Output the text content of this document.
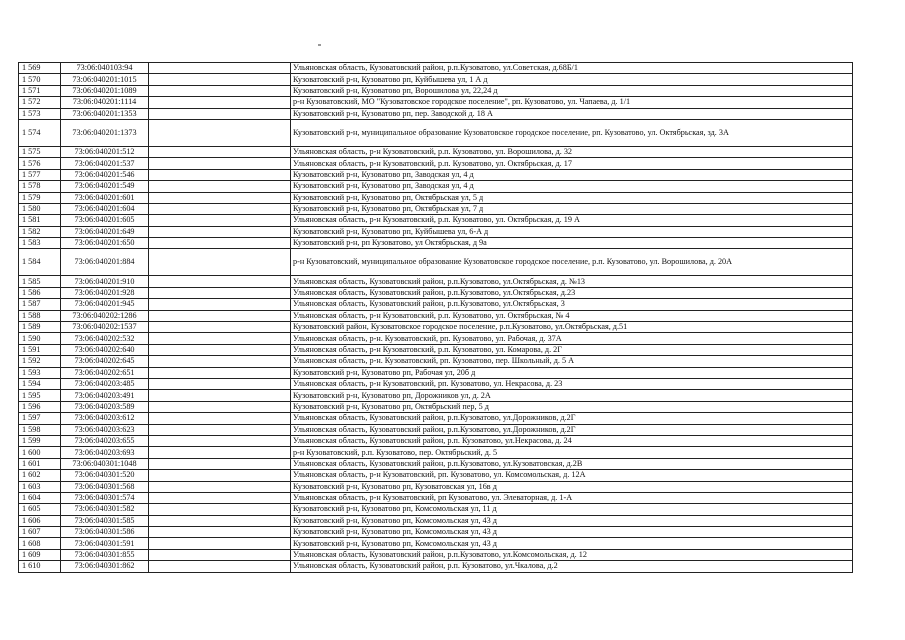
1 569	73:06:040103:94		Ульяновская область, Кузоватовский район, р.п.Кузоватово, ул.Советская, д.68Б/1
1 570	73:06:040201:1015		Кузоватовский р-н, Кузоватово рп, Куйбышева ул, 1 А д
1 571	73:06:040201:1089		Кузоватовский р-н, Кузоватово рп, Ворошилова ул, 22,24 д
1 572	73:06:040201:1114		р-н Кузоватовский, МО "Кузоватовское городское поселение", рп. Кузоватово, ул. Чапаева, д. 1/1
1 573	73:06:040201:1353		Кузоватовский р-н, Кузоватово рп, пер. Заводской д. 18 А
1 574	73:06:040201:1373		Кузоватовский р-н, муниципальное образование Кузоватовское городское поселение, рп. Кузоватово, ул. Октябрьская, зд. 3А
1 575	73:06:040201:512		Ульяновская область, р-н Кузоватовский, р.п. Кузоватово, ул. Ворошилова, д. 32
1 576	73:06:040201:537		Ульяновская область, р-н Кузоватовский, р.п. Кузоватово, ул. Октябрьская, д. 17
1 577	73:06:040201:546		Кузоватовский р-н, Кузоватово рп, Заводская ул, 4 д
1 578	73:06:040201:549		Кузоватовский р-н, Кузоватово рп, Заводская ул, 4 д
1 579	73:06:040201:601		Кузоватовский р-н, Кузоватово рп, Октябрьская ул, 5 д
1 580	73:06:040201:604		Кузоватовский р-н, Кузоватово рп, Октябрьская ул, 7 д
1 581	73:06:040201:605		Ульяновская область, р-н Кузоватовский, р.п. Кузоватово, ул. Октябрьская, д. 19 А
1 582	73:06:040201:649		Кузоватовский р-н, Кузоватово рп, Куйбышева ул, 6-А д
1 583	73:06:040201:650		Кузоватовский р-н, рп Кузоватово, ул Октябрьская, д 9а
1 584	73:06:040201:884		р-н Кузоватовский, муниципальное образование Кузоватовское городское поселение, р.п. Кузоватово, ул. Ворошилова, д. 20А
1 585	73:06:040201:910		Ульяновская область, Кузоватовский район, р.п.Кузоватово, ул.Октябрьская, д. №13
1 586	73:06:040201:928		Ульяновская область, Кузоватовский район, р.п.Кузоватово, ул.Октябрьская, д.23
1 587	73:06:040201:945		Ульяновская область, Кузоватовский район, р.п.Кузоватово, ул.Октябрьская, 3
1 588	73:06:040202:1286		Ульяновская область, р-н Кузоватовский, р.п. Кузоватово, ул. Октябрьская, № 4
1 589	73:06:040202:1537		Кузоватовский район, Кузоватовское городское поселение, р.п.Кузоватово, ул.Октябрьская, д.51
1 590	73:06:040202:532		Ульяновская область, р-н. Кузоватовский, рп. Кузоватово, ул. Рабочая, д. 37А
1 591	73:06:040202:640		Ульяновская область, р-н Кузоватовский, р.п. Кузоватово, ул. Комарова, д. 2Г
1 592	73:06:040202:645		Ульяновская область, р-н. Кузоватовский, рп. Кузоватово, пер. Школьный, д. 5 А
1 593	73:06:040202:651		Кузоватовский р-н, Кузоватово рп, Рабочая ул, 20б д
1 594	73:06:040203:485		Ульяновская область, р-н Кузоватовский, рп. Кузоватово, ул. Некрасова, д. 23
1 595	73:06:040203:491		Кузоватовский р-н, Кузоватово рп, Дорожников ул, д. 2А
1 596	73:06:040203:589		Кузоватовский р-н, Кузоватово рп, Октябрьский пер, 5 д
1 597	73:06:040203:612		Ульяновская область, Кузоватовский район, р.п.Кузоватово, ул.Дорожников, д.2Г
1 598	73:06:040203:623		Ульяновская область, Кузоватовский район, р.п.Кузоватово, ул.Дорожников, д.2Г
1 599	73:06:040203:655		Ульяновская область, Кузоватовский район, р.п. Кузоватово, ул.Некрасова, д. 24
1 600	73:06:040203:693		р-н Кузоватовский, р.п. Кузоватово, пер. Октябрьский, д. 5
1 601	73:06:040301:1048		Ульяновская область, Кузоватовский район, р.п.Кузоватово, ул.Кузоватовская, д.2В
1 602	73:06:040301:520		Ульяновская область, р-н Кузоватовский, рп. Кузоватово, ул. Комсомольская, д. 12А
1 603	73:06:040301:568		Кузоватовский р-н, Кузоватово рп, Кузоватовская ул, 16в д
1 604	73:06:040301:574		Ульяновская область, р-н Кузоватовский, рп Кузоватово, ул. Элеваторная, д. 1-А
1 605	73:06:040301:582		Кузоватовский р-н, Кузоватово рп, Комсомольская ул, 11 д
1 606	73:06:040301:585		Кузоватовский р-н, Кузоватово рп, Комсомольская ул, 43 д
1 607	73:06:040301:586		Кузоватовский р-н, Кузоватово рп, Комсомольская ул, 43 д
1 608	73:06:040301:591		Кузоватовский р-н, Кузоватово рп, Комсомольская ул, 43 д
1 609	73:06:040301:855		Ульяновская область, Кузоватовский район, р.п.Кузоватово, ул.Комсомольская, д. 12
1 610	73:06:040301:862		Ульяновская область, Кузоватовский район, р.п. Кузоватово, ул.Чкалова, д.2
